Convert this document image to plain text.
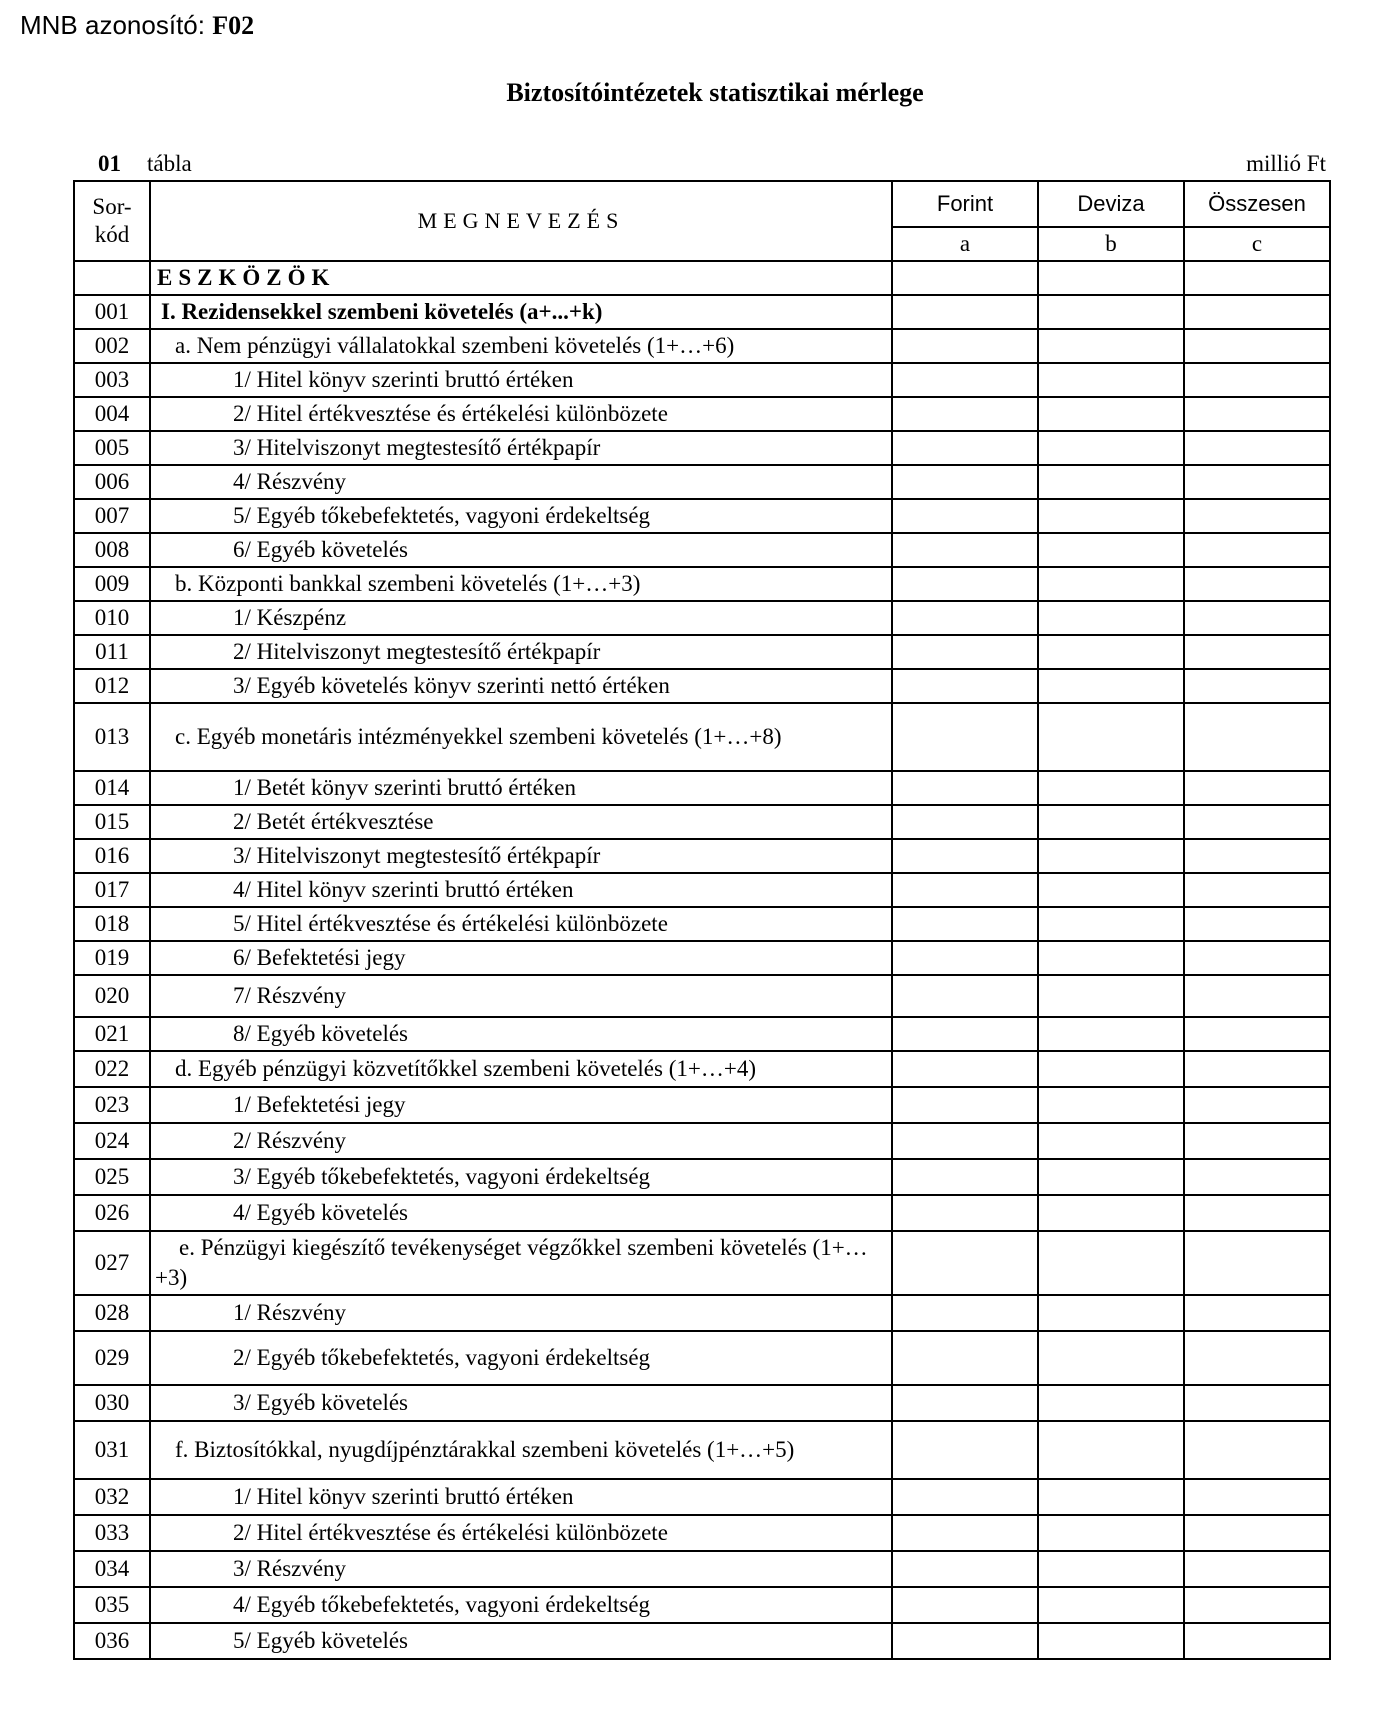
MNB azonosító: F02
Biztosítóintézetek statisztikai mérlege
01 tábla	millió Ft
Sor-
kód	MEGNEVEZÉS	Forint	Deviza	Összesen
		a	b	c
	ESZKÖZÖK			
001	I. Rezidensekkel szembeni követelés (a+...+k)			
002	a. Nem pénzügyi vállalatokkal szembeni követelés (1+…+6)			
003	1/ Hitel könyv szerinti bruttó értéken			
004	2/ Hitel értékvesztése és értékelési különbözete			
005	3/ Hitelviszonyt megtestesítő értékpapír			
006	4/ Részvény			
007	5/ Egyéb tőkebefektetés, vagyoni érdekeltség			
008	6/ Egyéb követelés			
009	b. Központi bankkal szembeni követelés (1+…+3)			
010	1/ Készpénz			
011	2/ Hitelviszonyt megtestesítő értékpapír			
012	3/ Egyéb követelés könyv szerinti nettó értéken			
013	c. Egyéb monetáris intézményekkel szembeni követelés (1+…+8)			
014	1/ Betét könyv szerinti bruttó értéken			
015	2/ Betét értékvesztése			
016	3/ Hitelviszonyt megtestesítő értékpapír			
017	4/ Hitel könyv szerinti bruttó értéken			
018	5/ Hitel értékvesztése és értékelési különbözete			
019	6/ Befektetési jegy			
020	7/ Részvény			
021	8/ Egyéb követelés			
022	d. Egyéb pénzügyi közvetítőkkel szembeni követelés (1+…+4)			
023	1/ Befektetési jegy			
024	2/ Részvény			
025	3/ Egyéb tőkebefektetés, vagyoni érdekeltség			
026	4/ Egyéb követelés			
027	e. Pénzügyi kiegészítő tevékenységet végzőkkel szembeni követelés (1+…+3)			
028	1/ Részvény			
029	2/ Egyéb tőkebefektetés, vagyoni érdekeltség			
030	3/ Egyéb követelés			
031	f. Biztosítókkal, nyugdíjpénztárakkal szembeni követelés (1+…+5)			
032	1/ Hitel könyv szerinti bruttó értéken			
033	2/ Hitel értékvesztése és értékelési különbözete			
034	3/ Részvény			
035	4/ Egyéb tőkebefektetés, vagyoni érdekeltség			
036	5/ Egyéb követelés			
